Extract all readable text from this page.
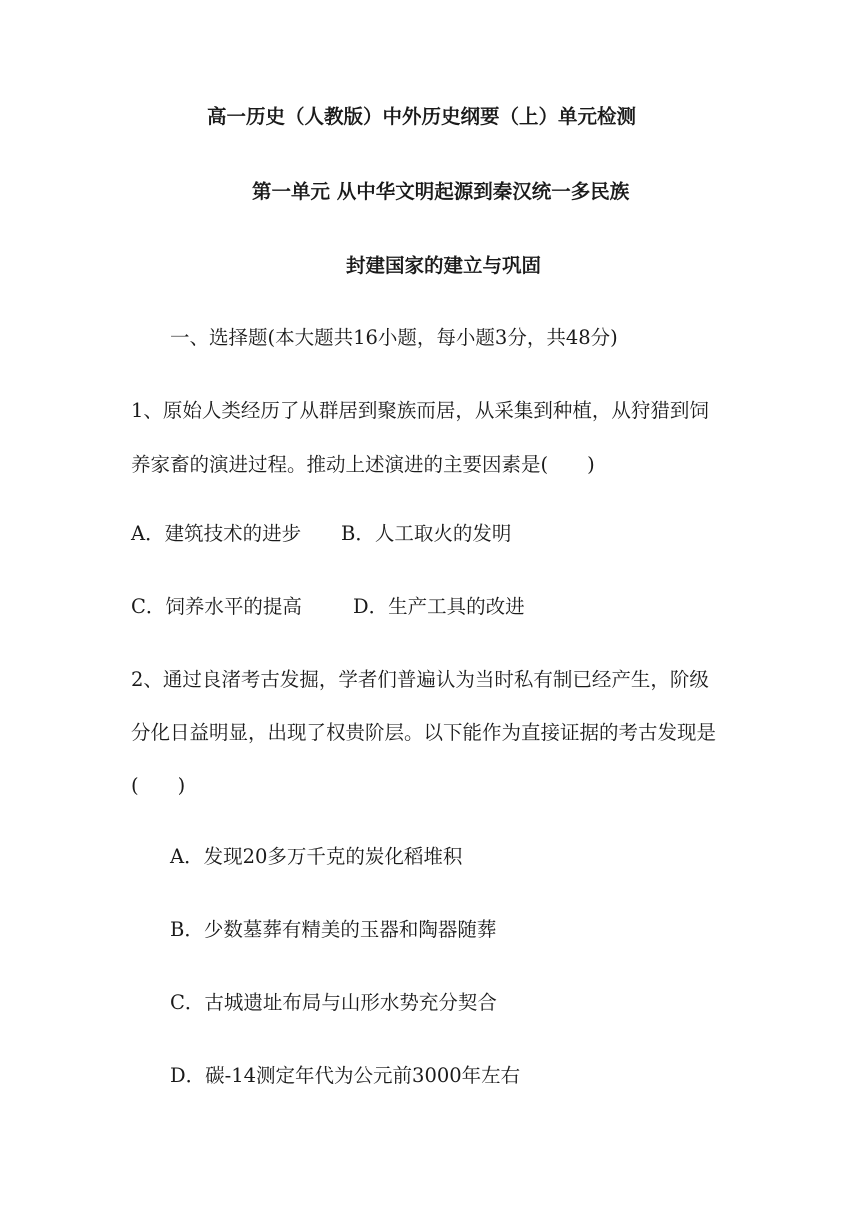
高一历史（人教版）中外历史纲要（上）单元检测
第一单元 从中华文明起源到秦汉统一多民族
封建国家的建立与巩固
一、选择题(本大题共16小题，每小题3分，共48分)
1、原始人类经历了从群居到聚族而居，从采集到种植，从狩猎到饲
养家畜的演进过程。推动上述演进的主要因素是(　　)
A．建筑技术的进步 B．人工取火的发明
C．饲养水平的提高	D．生产工具的改进
2、通过良渚考古发掘，学者们普遍认为当时私有制已经产生，阶级
分化日益明显，出现了权贵阶层。以下能作为直接证据的考古发现是
(　　)
A．发现20多万千克的炭化稻堆积
B．少数墓葬有精美的玉器和陶器随葬
C．古城遗址布局与山形水势充分契合
D．碳-14测定年代为公元前3000年左右
